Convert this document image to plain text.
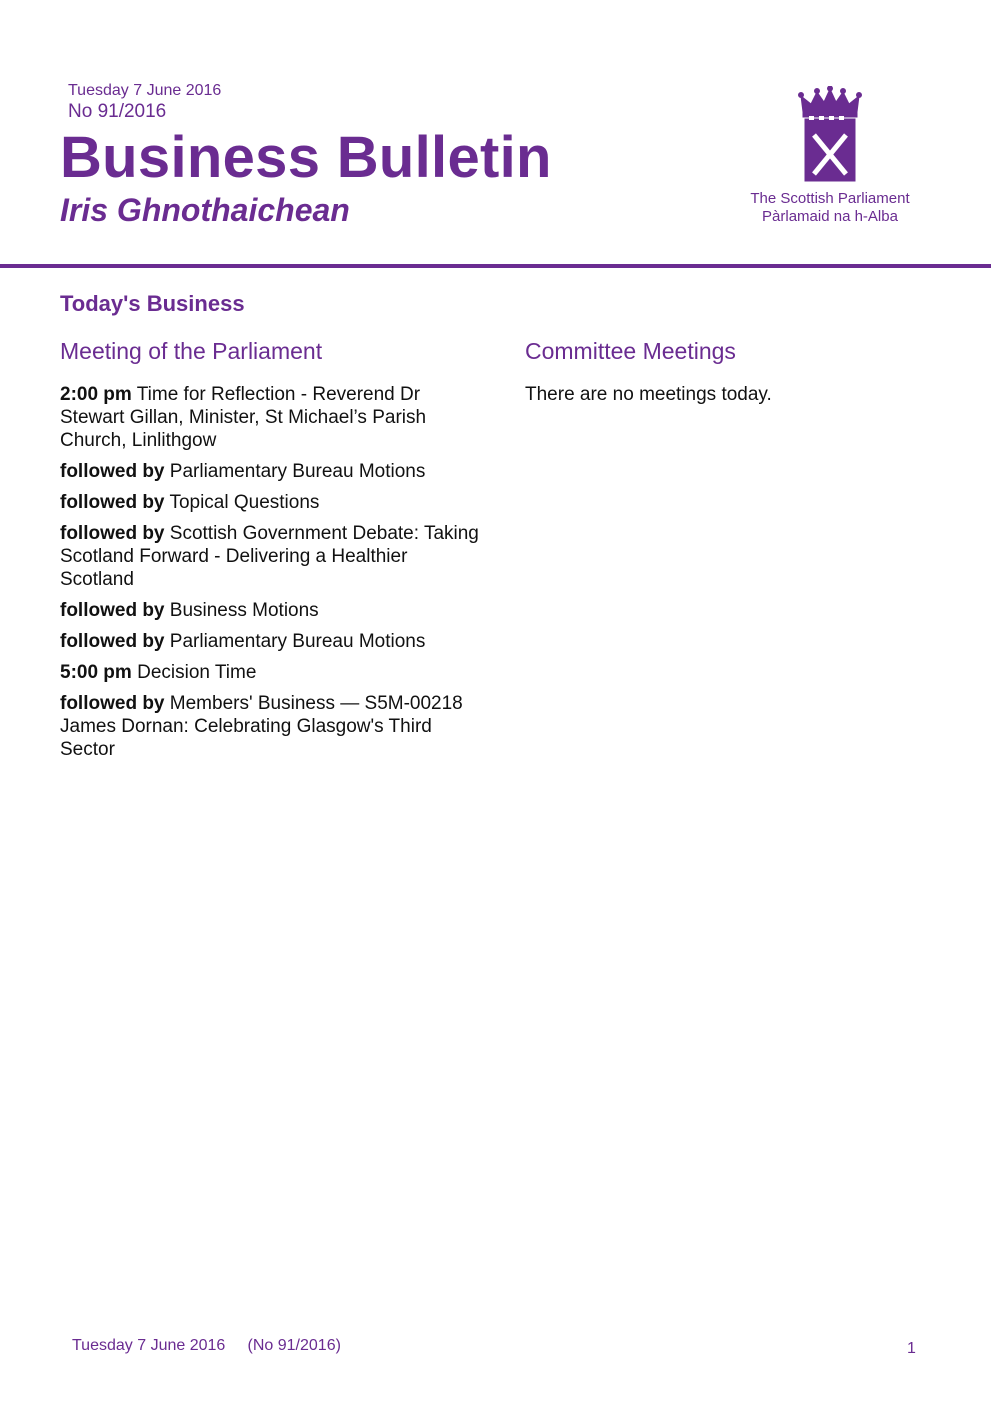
Tuesday 7 June 2016
No 91/2016
Business Bulletin
Iris Ghnothaichean	The Scottish Parliament
Pàrlamaid na h-Alba
Today's Business
Meeting of the Parliament
2:00 pm Time for Reflection - Reverend Dr Stewart Gillan, Minister, St Michael’s Parish Church, Linlithgow
followed by Parliamentary Bureau Motions
followed by Topical Questions
followed by Scottish Government Debate: Taking Scotland Forward - Delivering a Healthier Scotland
followed by Business Motions
followed by Parliamentary Bureau Motions
5:00 pm Decision Time
followed by Members' Business — S5M-00218 James Dornan: Celebrating Glasgow's Third Sector
Committee Meetings
There are no meetings today.
Tuesday 7 June 2016     (No 91/2016)	1
